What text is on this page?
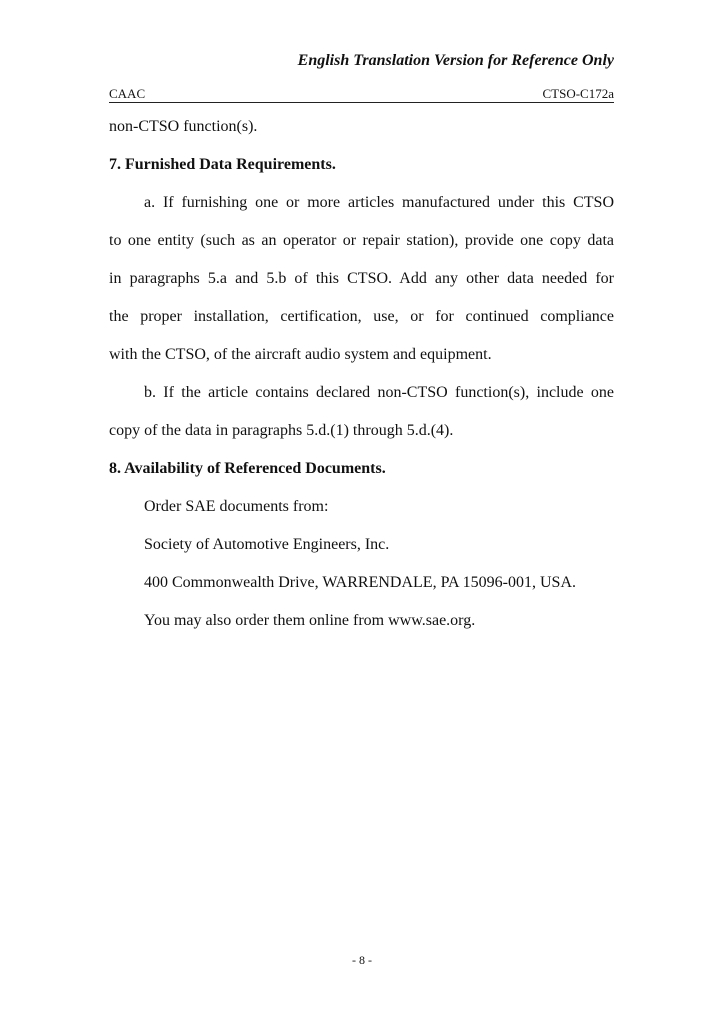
English Translation Version for Reference Only
CAAC	CTSO-C172a
non-CTSO function(s).
7. Furnished Data Requirements.
a. If furnishing one or more articles manufactured under this CTSO
to one entity (such as an operator or repair station), provide one copy data
in paragraphs 5.a and 5.b of this CTSO. Add any other data needed for
the proper installation, certification, use, or for continued compliance
with the CTSO, of the aircraft audio system and equipment.
b. If the article contains declared non-CTSO function(s), include one
copy of the data in paragraphs 5.d.(1) through 5.d.(4).
8. Availability of Referenced Documents.
Order SAE documents from:
Society of Automotive Engineers, Inc.
400 Commonwealth Drive, WARRENDALE, PA 15096-001, USA.
You may also order them online from www.sae.org.
- 8 -
